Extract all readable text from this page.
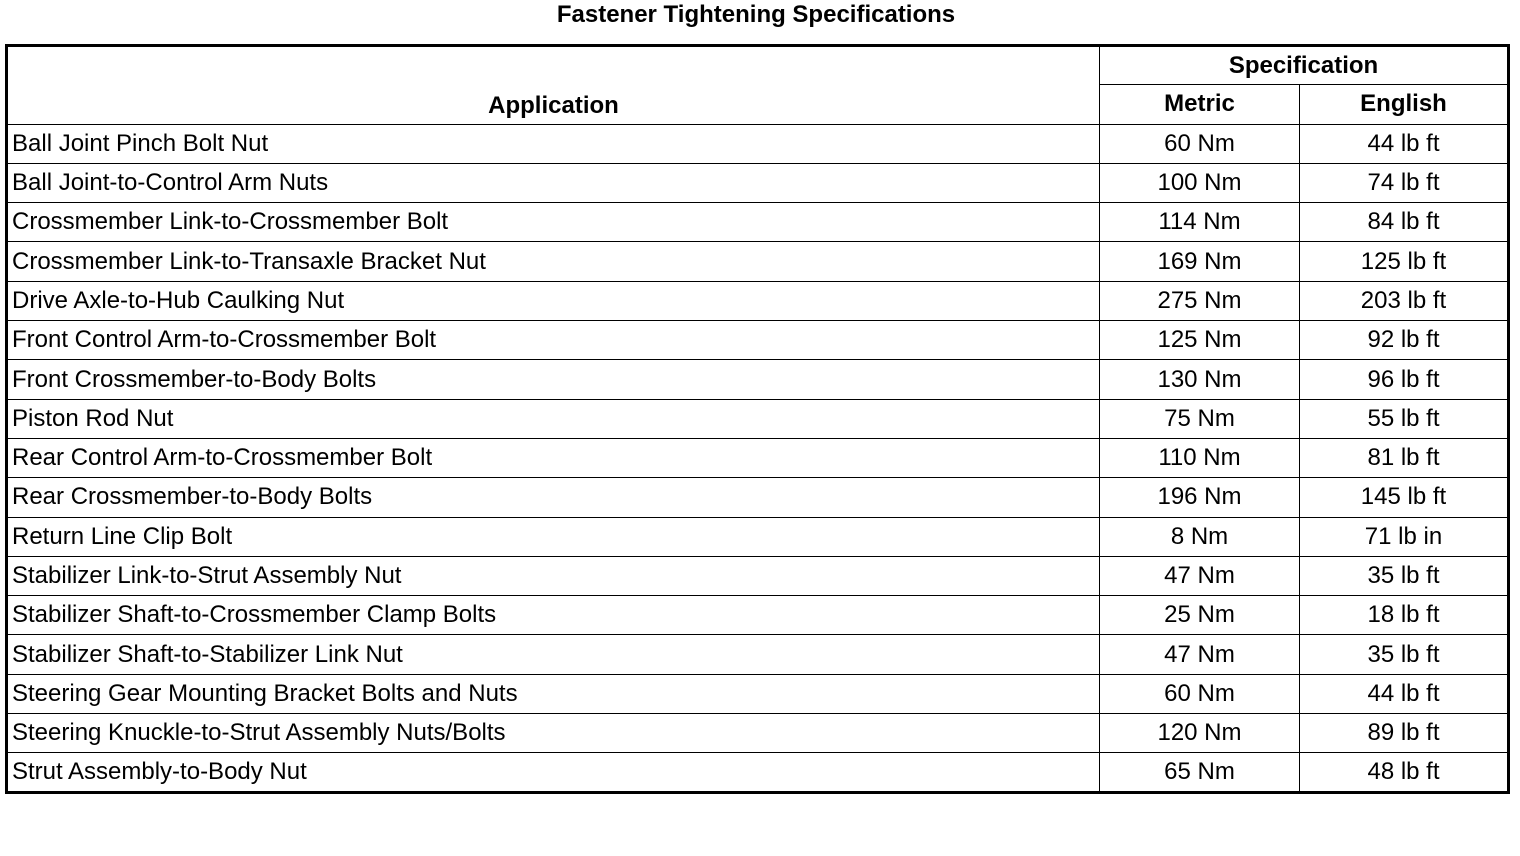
Fastener Tightening Specifications
Application	Specification	
	Metric	English
Ball Joint Pinch Bolt Nut	60 Nm	44 lb ft
Ball Joint-to-Control Arm Nuts	100 Nm	74 lb ft
Crossmember Link-to-Crossmember Bolt	114 Nm	84 lb ft
Crossmember Link-to-Transaxle Bracket Nut	169 Nm	125 lb ft
Drive Axle-to-Hub Caulking Nut	275 Nm	203 lb ft
Front Control Arm-to-Crossmember Bolt	125 Nm	92 lb ft
Front Crossmember-to-Body Bolts	130 Nm	96 lb ft
Piston Rod Nut	75 Nm	55 lb ft
Rear Control Arm-to-Crossmember Bolt	110 Nm	81 lb ft
Rear Crossmember-to-Body Bolts	196 Nm	145 lb ft
Return Line Clip Bolt	8 Nm	71 lb in
Stabilizer Link-to-Strut Assembly Nut	47 Nm	35 lb ft
Stabilizer Shaft-to-Crossmember Clamp Bolts	25 Nm	18 lb ft
Stabilizer Shaft-to-Stabilizer Link Nut	47 Nm	35 lb ft
Steering Gear Mounting Bracket Bolts and Nuts	60 Nm	44 lb ft
Steering Knuckle-to-Strut Assembly Nuts/Bolts	120 Nm	89 lb ft
Strut Assembly-to-Body Nut	65 Nm	48 lb ft
